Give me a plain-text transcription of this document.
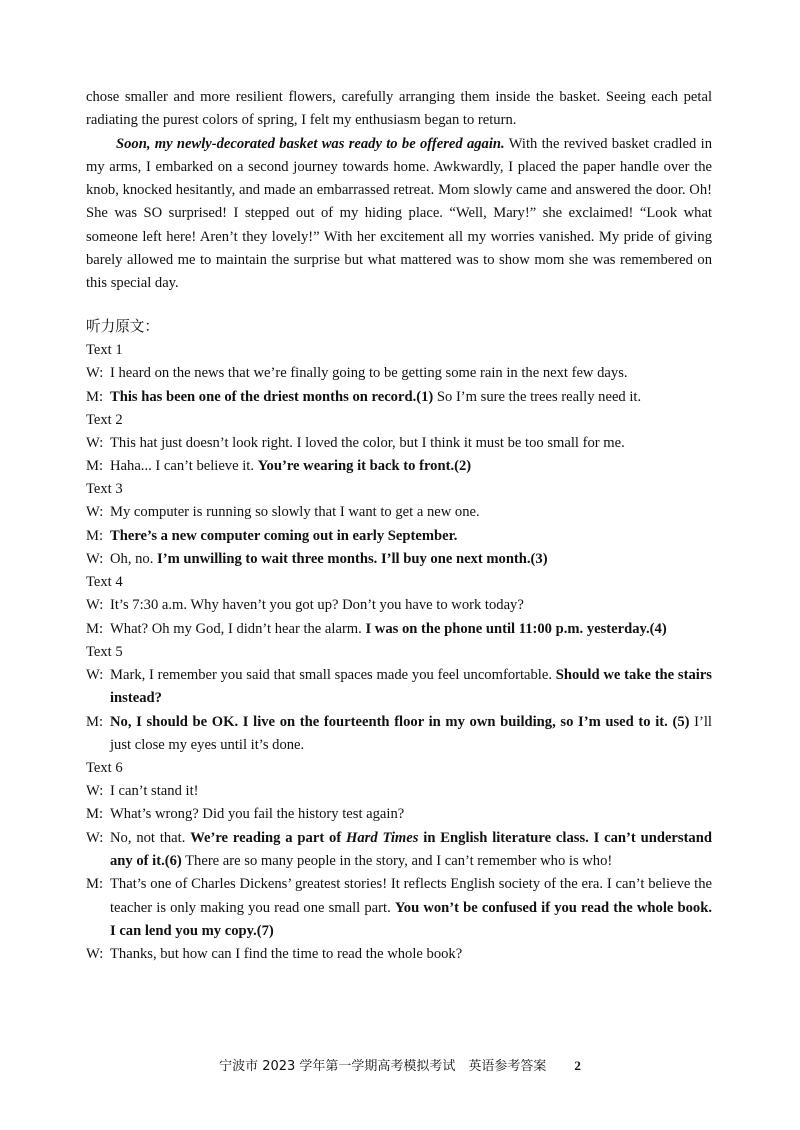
chose smaller and more resilient flowers, carefully arranging them inside the basket. Seeing each petal radiating the purest colors of spring, I felt my enthusiasm began to return.

Soon, my newly-decorated basket was ready to be offered again. With the revived basket cradled in my arms, I embarked on a second journey towards home. Awkwardly, I placed the paper handle over the knob, knocked hesitantly, and made an embarrassed retreat. Mom slowly came and answered the door. Oh! She was SO surprised! I stepped out of my hiding place. “Well, Mary!” she exclaimed! “Look what someone left here! Aren’t they lovely!” With her excitement all my worries vanished. My pride of giving barely allowed me to maintain the surprise but what mattered was to show mom she was remembered on this special day.

听力原文：
Text 1
W: I heard on the news that we’re finally going to be getting some rain in the next few days.
M: This has been one of the driest months on record.(1) So I’m sure the trees really need it.
Text 2
W: This hat just doesn’t look right. I loved the color, but I think it must be too small for me.
M: Haha... I can’t believe it. You’re wearing it back to front.(2)
Text 3
W: My computer is running so slowly that I want to get a new one.
M: There’s a new computer coming out in early September.
W: Oh, no. I’m unwilling to wait three months. I’ll buy one next month.(3)
Text 4
W: It’s 7:30 a.m. Why haven’t you got up? Don’t you have to work today?
M: What? Oh my God, I didn’t hear the alarm. I was on the phone until 11:00 p.m. yesterday.(4)
Text 5
W: Mark, I remember you said that small spaces made you feel uncomfortable. Should we take the stairs instead?
M: No, I should be OK. I live on the fourteenth floor in my own building, so I’m used to it. (5) I’ll just close my eyes until it’s done.
Text 6
W: I can’t stand it!
M: What’s wrong? Did you fail the history test again?
W: No, not that. We’re reading a part of Hard Times in English literature class. I can’t understand any of it.(6) There are so many people in the story, and I can’t remember who is who!
M: That’s one of Charles Dickens’ greatest stories! It reflects English society of the era. I can’t believe the teacher is only making you read one small part. You won’t be confused if you read the whole book. I can lend you my copy.(7)
W: Thanks, but how can I find the time to read the whole book?
宁波市 2023 学年第一学期高考模拟考试　英语参考答案 2
